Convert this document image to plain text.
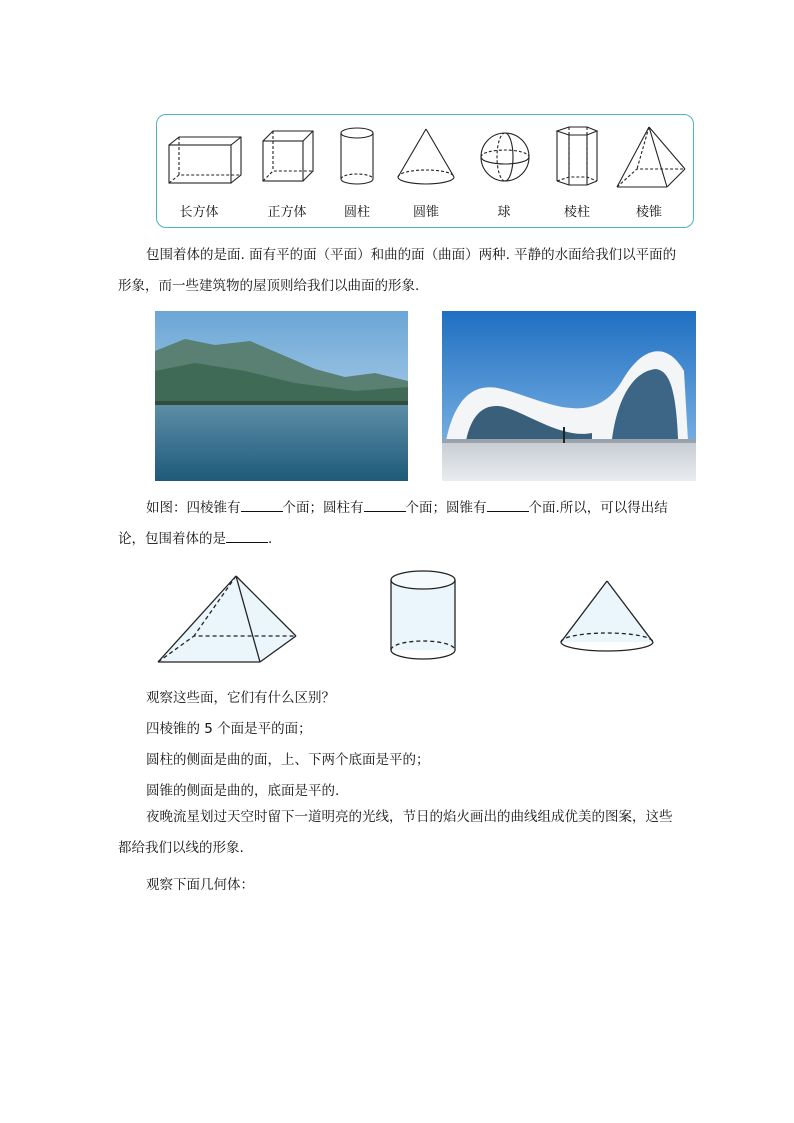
长方体	正方体	圆柱	圆锥	球	棱柱	棱锥
包围着体的是面. 面有平的面（平面）和曲的面（曲面）两种. 平静的水面给我们以平面的形象，而一些建筑物的屋顶则给我们以曲面的形象.
如图：四棱锥有	个面；圆柱有	个面；圆锥有	个面.所以，可以得出结论，包围着体的是	.
观察这些面，它们有什么区别？
四棱锥的 5 个面是平的面；
圆柱的侧面是曲的面，上、下两个底面是平的；
圆锥的侧面是曲的，底面是平的.
夜晚流星划过天空时留下一道明亮的光线，节日的焰火画出的曲线组成优美的图案，这些都给我们以线的形象.
观察下面几何体：
